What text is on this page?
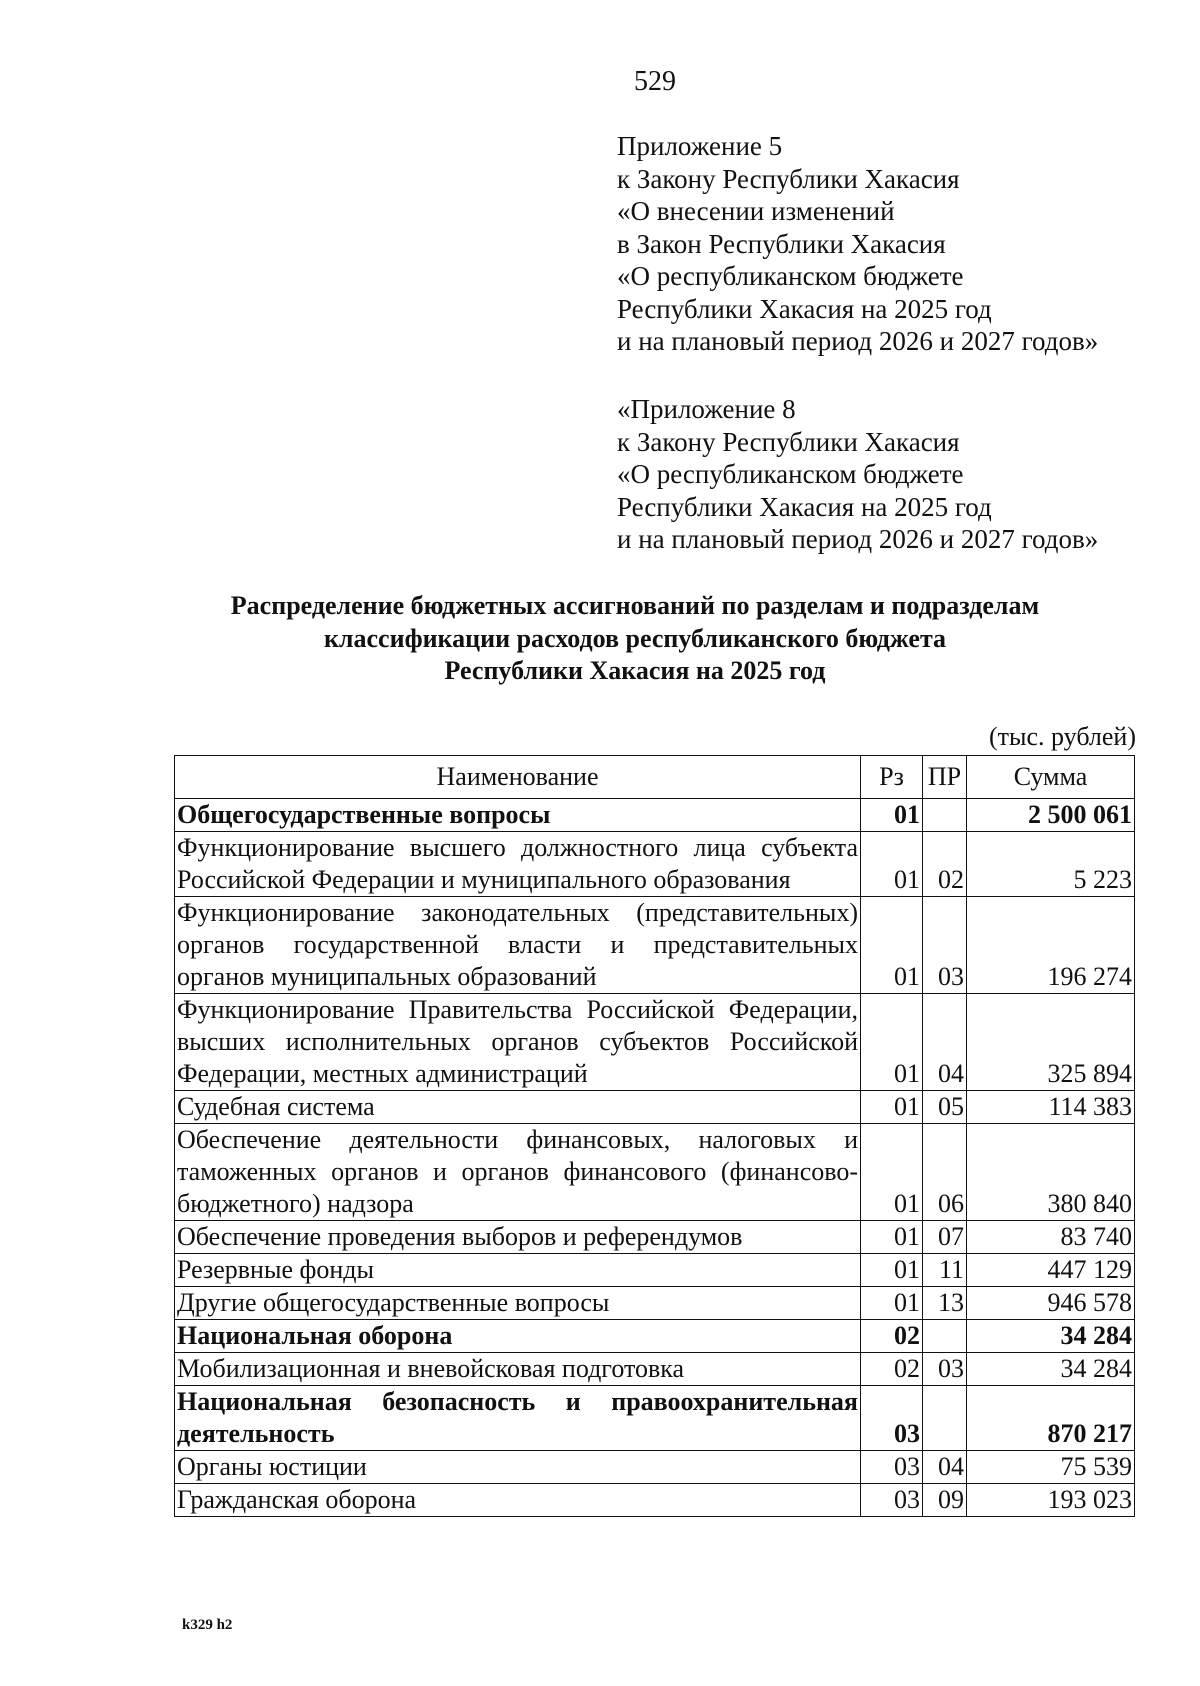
529
Приложение 5
к Закону Республики Хакасия
«О внесении изменений
в Закон Республики Хакасия
«О республиканском бюджете
Республики Хакасия на 2025 год
и на плановый период 2026 и 2027 годов»
«Приложение 8
к Закону Республики Хакасия
«О республиканском бюджете
Республики Хакасия на 2025 год
и на плановый период 2026 и 2027 годов»
Распределение бюджетных ассигнований по разделам и подразделам
классификации расходов республиканского бюджета
Республики Хакасия на 2025 год
(тыс. рублей)
Наименование	Рз	ПР	Сумма
Общегосударственные вопросы	01		2 500 061
Функционирование высшего должностного лица субъекта Российской Федерации и муниципального образования	01	02	5 223
Функционирование законодательных (представительных) органов государственной власти и представительных органов муниципальных образований	01	03	196 274
Функционирование Правительства Российской Федерации, высших исполнительных органов субъектов Российской Федерации, местных администраций	01	04	325 894
Судебная система	01	05	114 383
Обеспечение деятельности финансовых, налоговых и таможенных органов и органов финансового (финансово-бюджетного) надзора	01	06	380 840
Обеспечение проведения выборов и референдумов	01	07	83 740
Резервные фонды	01	11	447 129
Другие общегосударственные вопросы	01	13	946 578
Национальная оборона	02		34 284
Мобилизационная и вневойсковая подготовка	02	03	34 284
Национальная безопасность и правоохранительная деятельность	03		870 217
Органы юстиции	03	04	75 539
Гражданская оборона	03	09	193 023
k329 h2
